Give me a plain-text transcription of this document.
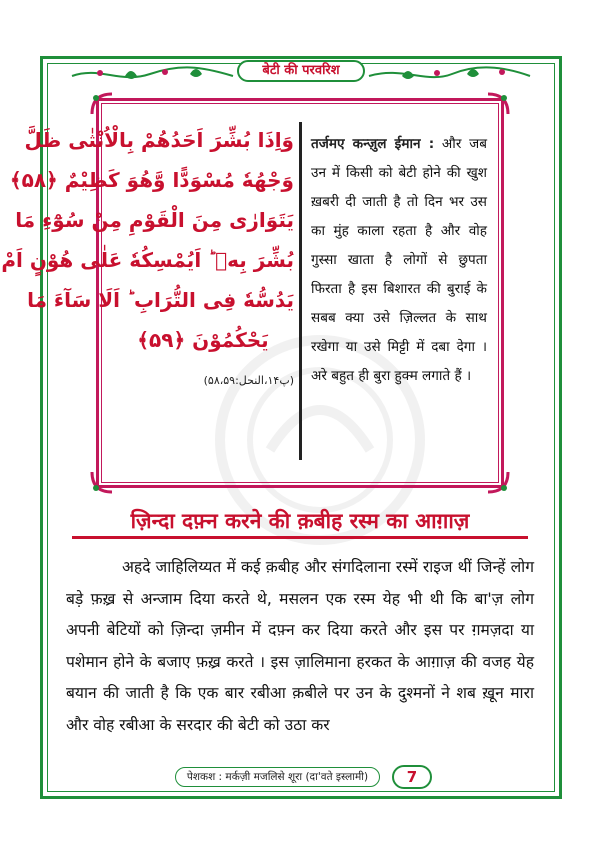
बेटी की परवरिश
وَاِذَا بُشِّرَ اَحَدُهُمْ بِالْاُنْثٰى ظَلَّ
وَجْهُهٗ مُسْوَدًّا وَّهُوَ كَظِيْمٌ ﴿۵۸﴾
يَتَوَارٰى مِنَ الْقَوْمِ مِنْ سُوْٓءِ مَا
بُشِّرَ بِهٖ ؕ اَيُمْسِكُهٗ عَلٰى هُوْنٍ اَمْ
يَدُسُّهٗ فِى التُّرَابِ ؕ اَلَا سَآءَ مَا
يَحْكُمُوْنَ ﴿۵۹﴾
(پ۱۴،النحل:۵۸،۵۹)
तर्जमए कन्ज़ुल ईमान : और जब उन में किसी को बेटी होने की खुश ख़बरी दी जाती है तो दिन भर उस का मुंह काला रहता है और वोह गुस्सा खाता है लोगों से छुपता फिरता है इस बिशारत की बुराई के सबब क्या उसे ज़िल्लत के साथ रखेगा या उसे मिट्टी में दबा देगा । अरे बहुत ही बुरा हुक्म लगाते हैं ।
ज़िन्दा दफ़्न करने की क़बीह रस्म का आग़ाज़
अहदे जाहिलिय्यत में कई क़बीह और संगदिलाना रस्में राइज थीं जिन्हें लोग बड़े फ़ख़्र से अन्जाम दिया करते थे, मसलन एक रस्म येह भी थी कि बा'ज़ लोग अपनी बेटियों को ज़िन्दा ज़मीन में दफ़्न कर दिया करते और इस पर ग़मज़दा या पशेमान होने के बजाए फ़ख़्र करते । इस ज़ालिमाना हरकत के आग़ाज़ की वजह येह बयान की जाती है कि एक बार रबीआ क़बीले पर उन के दुश्मनों ने शब ख़ून मारा और वोह रबीआ के सरदार की बेटी को उठा कर
पेशकश : मर्कज़ी मजलिसे शूरा (दा'वते इस्लामी)	7
